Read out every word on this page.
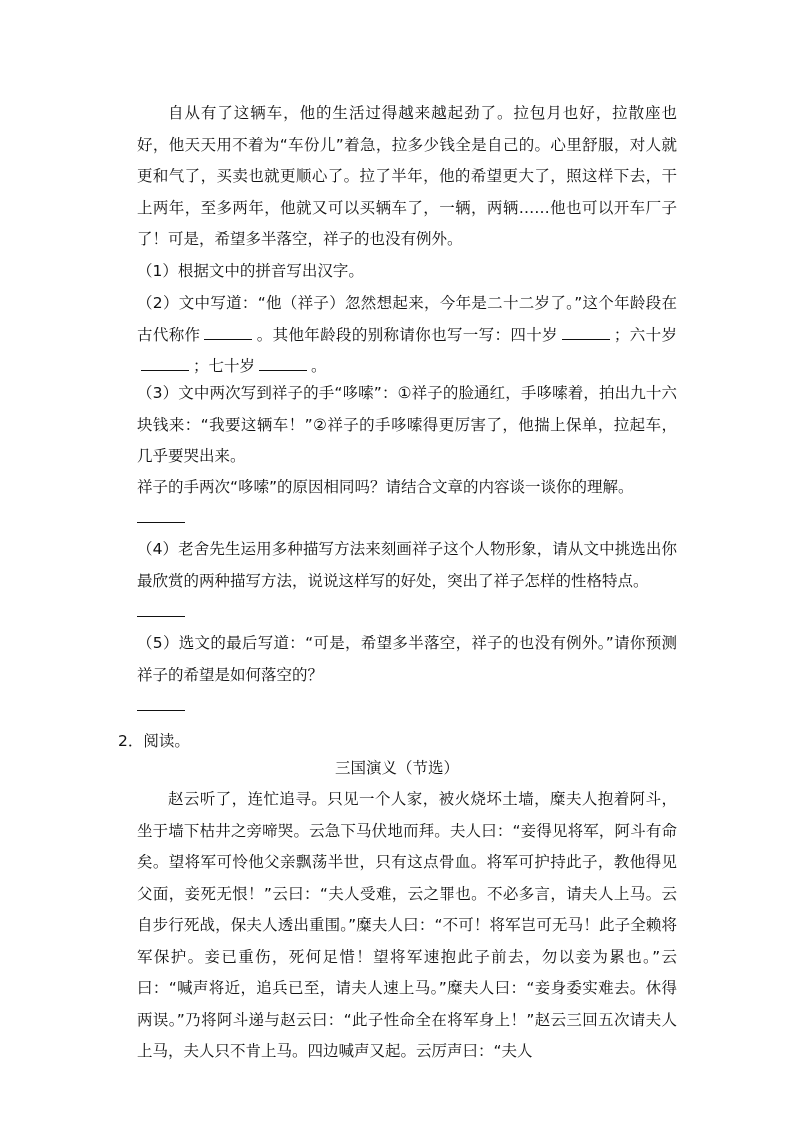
自从有了这辆车，他的生活过得越来越起劲了。拉包月也好，拉散座也好，他天天用不着为“车份儿”着急，拉多少钱全是自己的。心里舒服，对人就更和气了，买卖也就更顺心了。拉了半年，他的希望更大了，照这样下去，干上两年，至多两年，他就又可以买辆车了，一辆，两辆……他也可以开车厂子了！ 可是，希望多半落空，祥子的也没有例外。
（1）根据文中的拼音写出汉字。
（2）文中写道：“他（祥子）忽然想起来，今年是二十二岁了。”这个年龄段在古代称作	。其他年龄段的别称请你也写一写：四十岁	；六十岁；七十岁	。
（3）文中两次写到祥子的手“哆嗦”：①祥子的脸通红，手哆嗦着，拍出九十六块钱来：“我要这辆车！”②祥子的手哆嗦得更厉害了，他揣上保单，拉起车，几乎要哭出来。
祥子的手两次“哆嗦”的原因相同吗？请结合文章的内容谈一谈你的理解。
（4）老舍先生运用多种描写方法来刻画祥子这个人物形象，请从文中挑选出你最欣赏的两种描写方法，说说这样写的好处，突出了祥子怎样的性格特点。
（5）选文的最后写道：“可是，希望多半落空，祥子的也没有例外。”请你预测祥子的希望是如何落空的？
2．阅读。
三国演义（节选）
赵云听了，连忙追寻。只见一个人家，被火烧坏土墙，糜夫人抱着阿斗，坐于墙下枯井之旁啼哭。云急下马伏地而拜。夫人曰：“妾得见将军，阿斗有命矣。望将军可怜他父亲飘荡半世，只有这点骨血。将军可护持此子，教他得见父面，妾死无恨！”云曰：“夫人受难，云之罪也。不必多言，请夫人上马。云自步行死战，保夫人透出重围。”糜夫人曰：“不可！将军岂可无马！此子全赖将军保护。妾已重伤，死何足惜！望将军速抱此子前去，勿以妾为累也。”云曰：“喊声将近，追兵已至，请夫人速上马。”糜夫人曰：“妾身委实难去。休得两误。”乃将阿斗递与赵云曰：“此子性命全在将军身上！”赵云三回五次请夫人上马，夫人只不肯上马。四边喊声又起。云厉声曰：“夫人
